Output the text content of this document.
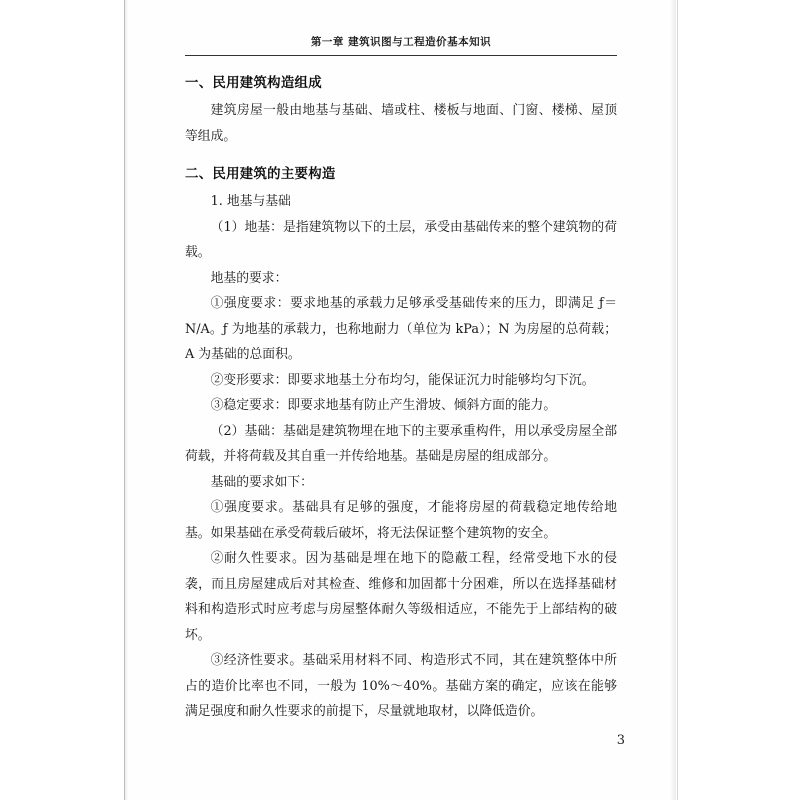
第一章 建筑识图与工程造价基本知识
一、民用建筑构造组成

建筑房屋一般由地基与基础、墙或柱、楼板与地面、门窗、楼梯、屋顶等组成。

二、民用建筑的主要构造

1. 地基与基础

（1）地基：是指建筑物以下的土层，承受由基础传来的整个建筑物的荷载。

地基的要求：

①强度要求：要求地基的承载力足够承受基础传来的压力，即满足 ƒ＝N/A。ƒ 为地基的承载力，也称地耐力（单位为 kPa）；N 为房屋的总荷载；A 为基础的总面积。

②变形要求：即要求地基土分布均匀，能保证沉力时能够均匀下沉。

③稳定要求：即要求地基有防止产生滑坡、倾斜方面的能力。

（2）基础：基础是建筑物埋在地下的主要承重构件，用以承受房屋全部荷载，并将荷载及其自重一并传给地基。基础是房屋的组成部分。

基础的要求如下：

①强度要求。基础具有足够的强度，才能将房屋的荷载稳定地传给地基。如果基础在承受荷载后破坏，将无法保证整个建筑物的安全。

②耐久性要求。因为基础是埋在地下的隐蔽工程，经常受地下水的侵袭，而且房屋建成后对其检查、维修和加固都十分困难，所以在选择基础材料和构造形式时应考虑与房屋整体耐久等级相适应，不能先于上部结构的破坏。

③经济性要求。基础采用材料不同、构造形式不同，其在建筑整体中所占的造价比率也不同，一般为 10%～40%。基础方案的确定，应该在能够满足强度和耐久性要求的前提下，尽量就地取材，以降低造价。

3
